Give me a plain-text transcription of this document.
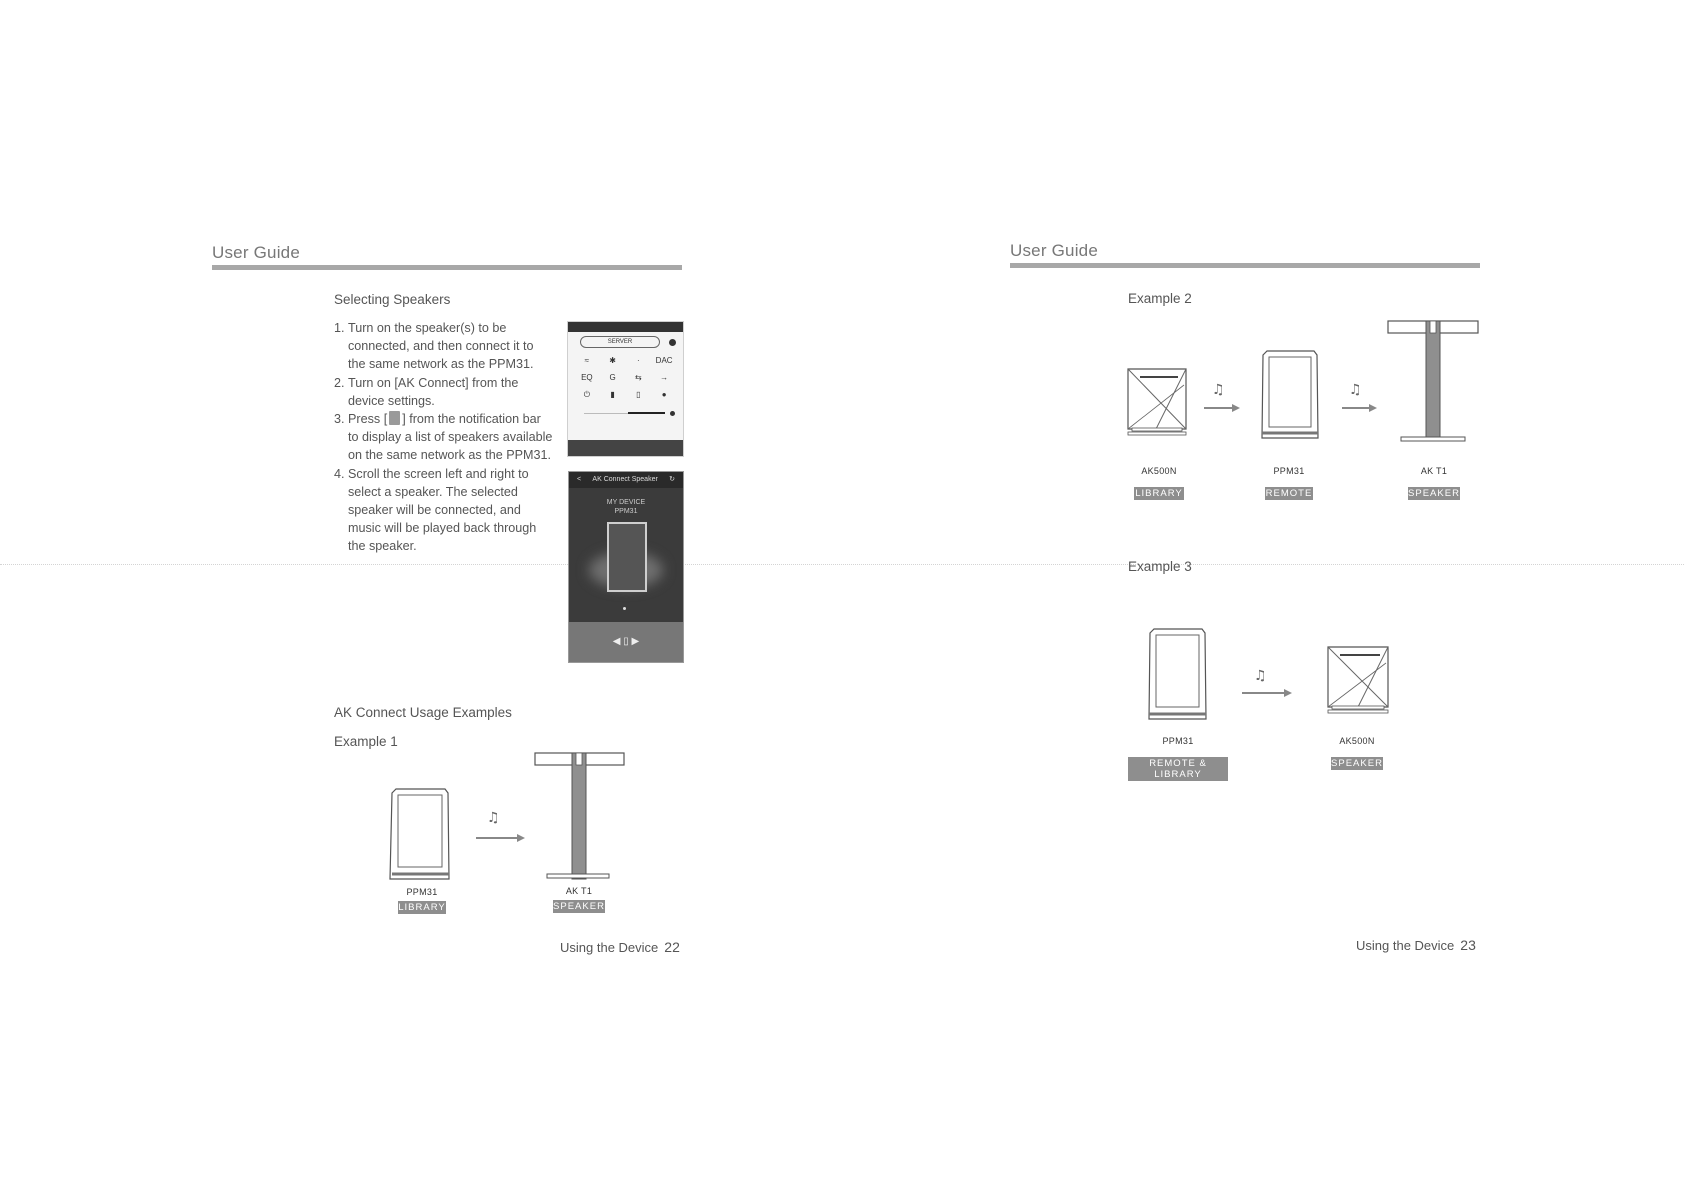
User Guide
Selecting Speakers
1. Turn on the speaker(s) to be connected, and then connect it to the same network as the PPM31.
2. Turn on [AK Connect] from the device settings.
3. Press [ ] from the notification bar to display a list of speakers available on the same network as the PPM31.
4. Scroll the screen left and right to select a speaker. The selected speaker will be connected, and music will be played back through the speaker.
SERVER
≈	✱	·	DAC
EQ	G	⇆	→
⏻	▮	▯	●
< AK Connect Speaker ↻
MY DEVICE
PPM31
◀ ▯ ▶
AK Connect Usage Examples
Example 1
♫
PPM31
LIBRARY
AK T1
SPEAKER
Using the Device 22
User Guide
Example 2
♫	♫
AK500N
LIBRARY
PPM31
REMOTE
AK T1
SPEAKER
Example 3
♫
PPM31
REMOTE & LIBRARY
AK500N
SPEAKER
Using the Device 23
